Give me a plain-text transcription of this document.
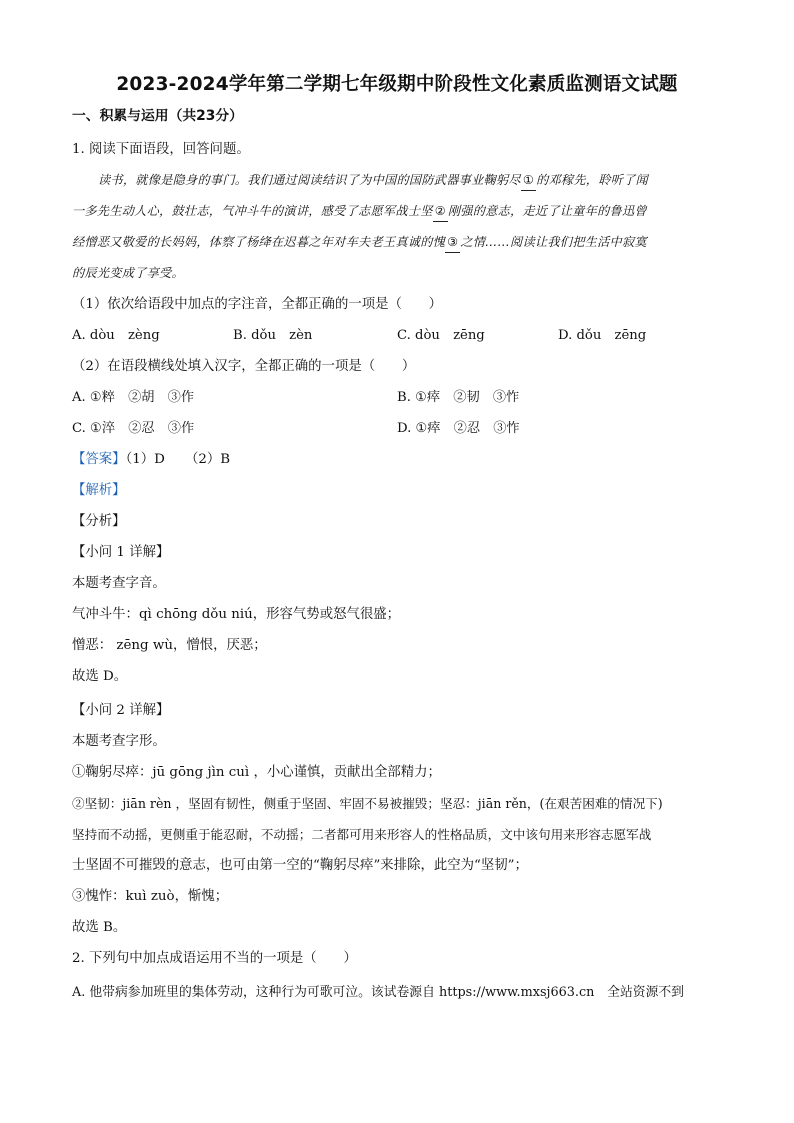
2023-2024学年第二学期七年级期中阶段性文化素质监测语文试题
一、积累与运用（共23分）
1. 阅读下面语段，回答问题。
读书，就像是隐身的事门。我们通过阅读结识了为中国的国防武器事业鞠躬尽 ① 的邓稼先，聆听了闻
一多先生动人心，鼓壮志，气冲斗牛的演讲，感受了志愿军战士坚 ② 刚强的意志，走近了让童年的鲁迅曾
经憎恶又敬爱的长妈妈，体察了杨绛在迟暮之年对车夫老王真诚的愧 ③ 之情……阅读让我们把生活中寂寞
的辰光变成了享受。
（1）依次给语段中加点的字注音，全都正确的一项是（　　）
A. dòu　zèng	B. dǒu　zèn	C. dòu　zēng	D. dǒu　zēng
（2）在语段横线处填入汉字，全都正确的一项是（　　）
A. ①粹　②胡　③作	B. ①瘁　②韧　③怍
C. ①淬　②忍　③作	D. ①瘁　②忍　③怍
【答案】（1）D　　（2）B
【解析】
【分析】
【小问 1 详解】
本题考查字音。
气冲斗牛：qì chōng dǒu niú，形容气势或怒气很盛；
憎恶： zēng wù，憎恨，厌恶；
故选 D。
【小问 2 详解】
本题考查字形。
①鞠躬尽瘁：jū gōng jìn cuì ，小心谨慎，贡献出全部精力；
②坚韧：jiān rèn ，坚固有韧性，侧重于坚固、牢固不易被摧毁；坚忍：jiān rěn，(在艰苦困难的情况下)
坚持而不动摇，更侧重于能忍耐，不动摇；二者都可用来形容人的性格品质，文中该句用来形容志愿军战
士坚固不可摧毁的意志，也可由第一空的“鞠躬尽瘁”来排除，此空为“坚韧”；
③愧怍：kuì zuò，惭愧；
故选 B。
2. 下列句中加点成语运用不当的一项是（　　）
A. 他带病参加班里的集体劳动，这种行为可歌可泣。该试卷源自 https://www.mxsj663.cn　全站资源不到
